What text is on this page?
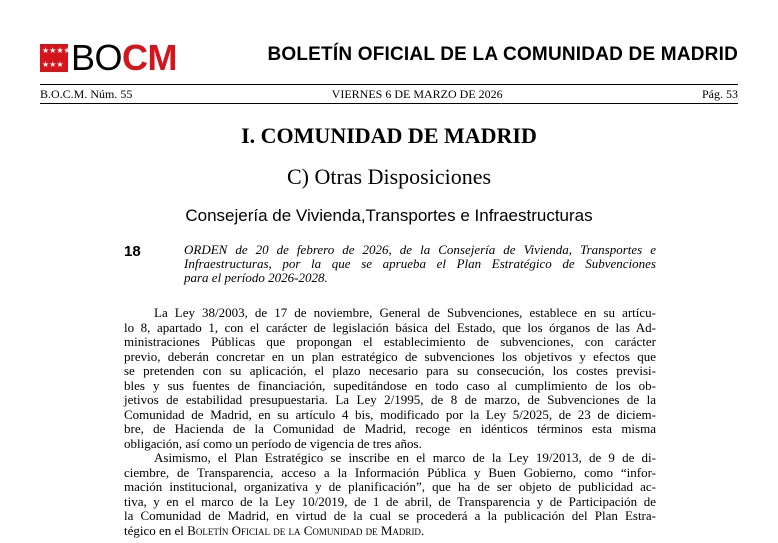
★ ★ ★ ★
★ ★ ★ BOCM	BOLETÍN OFICIAL DE LA COMUNIDAD DE MADRID
B.O.C.M. Núm. 55	VIERNES 6 DE MARZO DE 2026	Pág. 53
I. COMUNIDAD DE MADRID
C) Otras Disposiciones
Consejería de Vivienda,Transportes e Infraestructuras
18	ORDEN de 20 de febrero de 2026, de la Consejería de Vivienda, Transportes e
Infraestructuras, por la que se aprueba el Plan Estratégico de Subvenciones
para el período 2026-2028.
La Ley 38/2003, de 17 de noviembre, General de Subvenciones, establece en su artícu-
lo 8, apartado 1, con el carácter de legislación básica del Estado, que los órganos de las Ad-
ministraciones Públicas que propongan el establecimiento de subvenciones, con carácter
previo, deberán concretar en un plan estratégico de subvenciones los objetivos y efectos que
se pretenden con su aplicación, el plazo necesario para su consecución, los costes previsi-
bles y sus fuentes de financiación, supeditándose en todo caso al cumplimiento de los ob-
jetivos de estabilidad presupuestaria. La Ley 2/1995, de 8 de marzo, de Subvenciones de la
Comunidad de Madrid, en su artículo 4 bis, modificado por la Ley 5/2025, de 23 de diciem-
bre, de Hacienda de la Comunidad de Madrid, recoge en idénticos términos esta misma
obligación, así como un período de vigencia de tres años.
Asimismo, el Plan Estratégico se inscribe en el marco de la Ley 19/2013, de 9 de di-
ciembre, de Transparencia, acceso a la Información Pública y Buen Gobierno, como “infor-
mación institucional, organizativa y de planificación”, que ha de ser objeto de publicidad ac-
tiva, y en el marco de la Ley 10/2019, de 1 de abril, de Transparencia y de Participación de
la Comunidad de Madrid, en virtud de la cual se procederá a la publicación del Plan Estra-
tégico en el Boletín Oficial de la Comunidad de Madrid.
